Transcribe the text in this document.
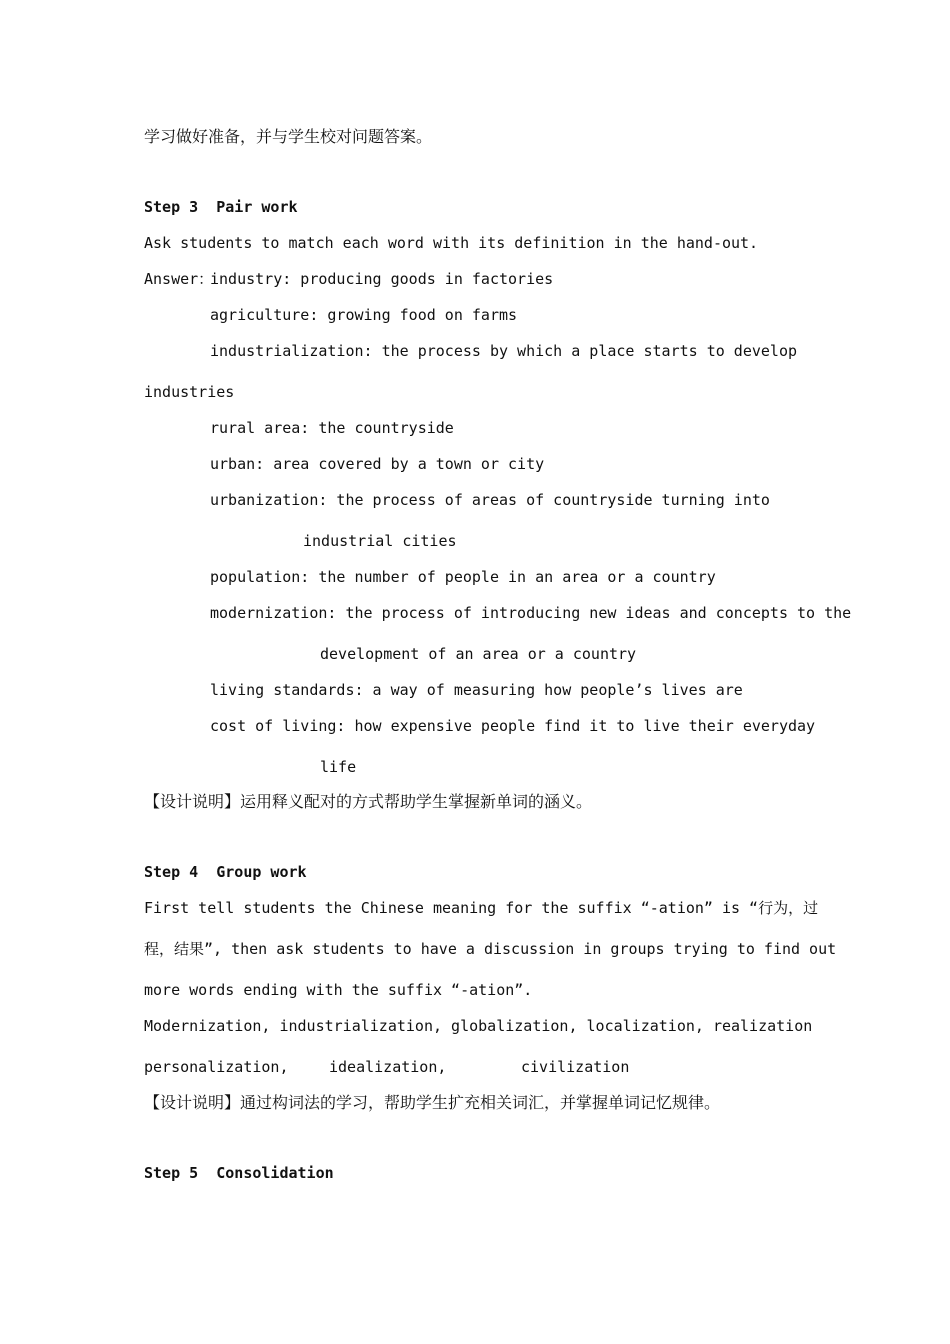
学习做好准备，并与学生校对问题答案。
Step 3  Pair work
Ask students to match each word with its definition in the hand-out.
Answer：
industry: producing goods in factories
agriculture: growing food on farms
industrialization: the process by which a place starts to develop
industries
rural area: the countryside
urban: area covered by a town or city
urbanization: the process of areas of countryside turning into
industrial cities
population: the number of people in an area or a country
modernization: the process of introducing new ideas and concepts to the
development of an area or a country
living standards: a way of measuring how people’s lives are
cost of living: how expensive people find it to live their everyday
life
【设计说明】运用释义配对的方式帮助学生掌握新单词的涵义。
Step 4  Group work
First tell students the Chinese meaning for the suffix “-ation” is “行为，过
程，结果”, then ask students to have a discussion in groups trying to find out
more words ending with the suffix “-ation”.
Modernization, industrialization, globalization, localization, realization
personalization,	idealization,	civilization
【设计说明】通过构词法的学习，帮助学生扩充相关词汇，并掌握单词记忆规律。
Step 5  Consolidation
